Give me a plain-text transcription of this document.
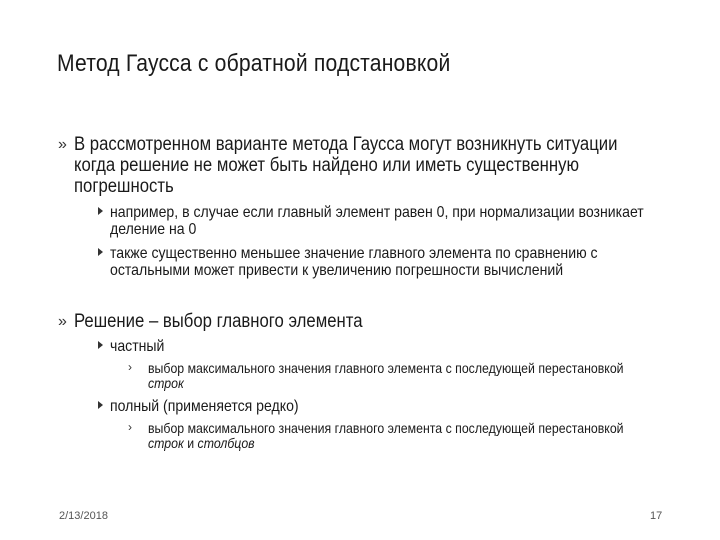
Метод Гаусса с обратной подстановкой
» В рассмотренном варианте метода Гаусса могут возникнуть ситуации когда решение не может быть найдено или иметь существенную погрешность
например, в случае если главный элемент равен 0, при нормализации возникает деление на 0
также существенно меньшее значение главного элемента по сравнению с остальными может привести к увеличению погрешности вычислений
» Решение – выбор главного элемента
частный
› выбор максимального значения главного элемента с последующей перестановкой строк
полный (применяется редко)
› выбор максимального значения главного элемента с последующей перестановкой строк и столбцов
2/13/2018	17
